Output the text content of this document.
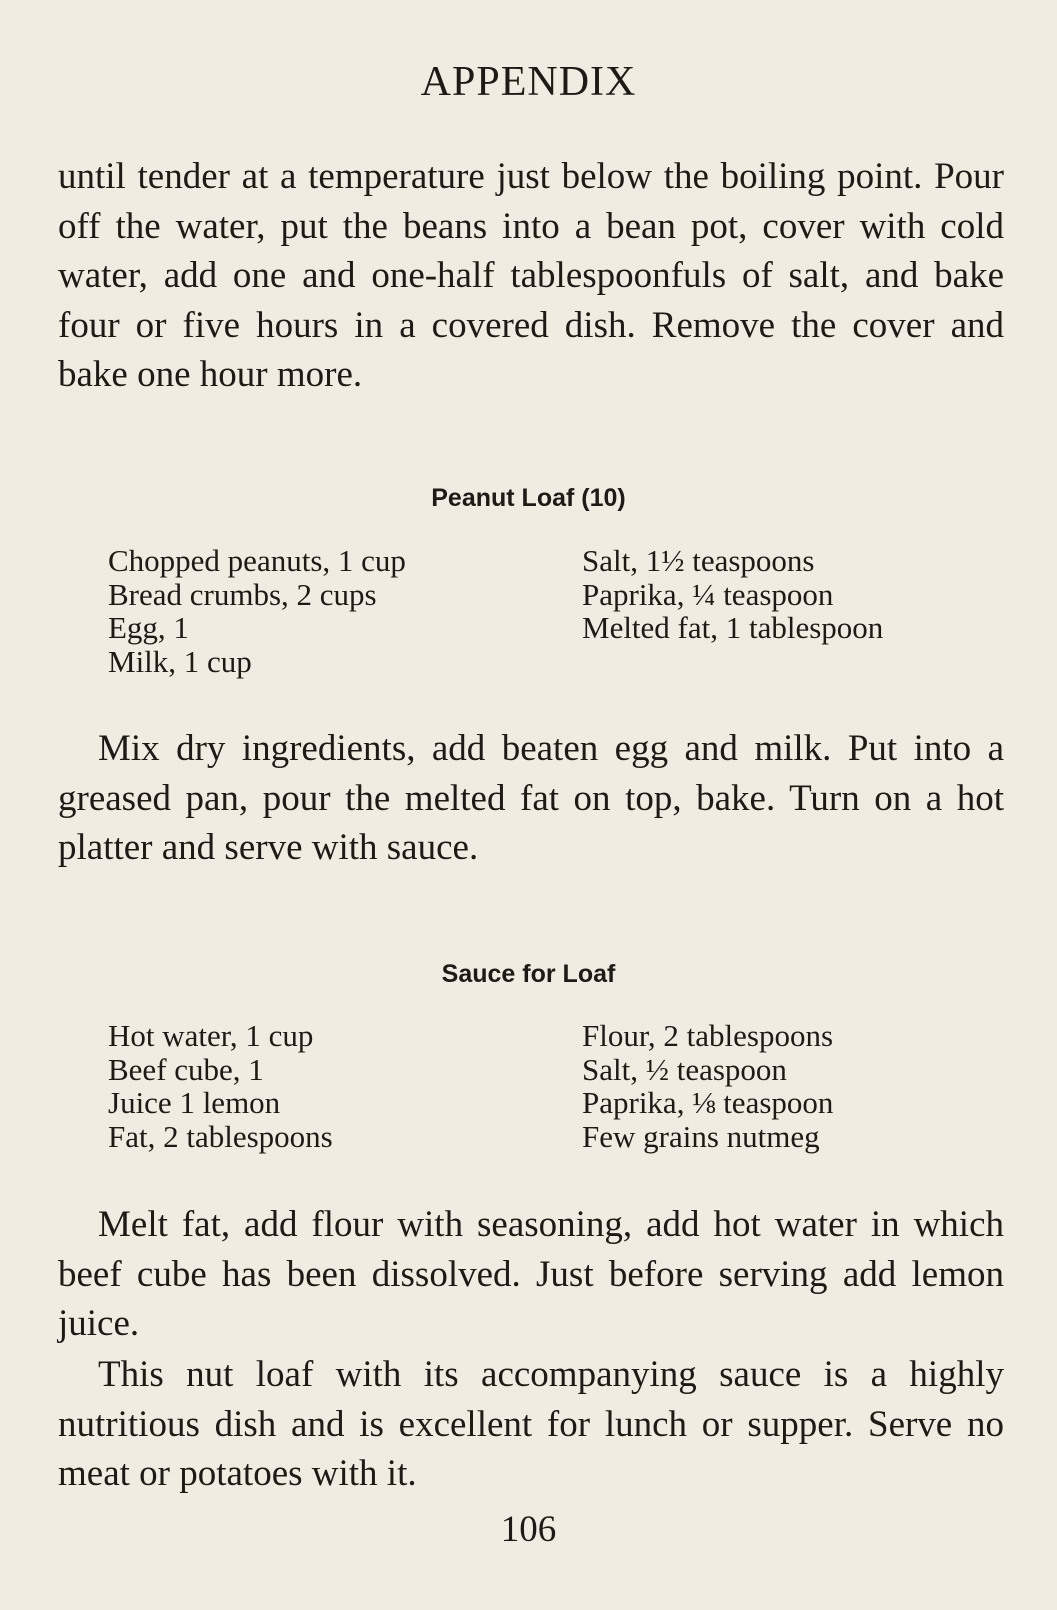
APPENDIX

until tender at a temperature just below the boiling point. Pour off the water, put the beans into a bean pot, cover with cold water, add one and one-half tablespoonfuls of salt, and bake four or five hours in a covered dish. Remove the cover and bake one hour more.

Peanut Loaf (10)
Chopped peanuts, 1 cup
Bread crumbs, 2 cups
Egg, 1
Milk, 1 cup
Salt, 1½ teaspoons
Paprika, ¼ teaspoon
Melted fat, 1 tablespoon

Mix dry ingredients, add beaten egg and milk. Put into a greased pan, pour the melted fat on top, bake. Turn on a hot platter and serve with sauce.

Sauce for Loaf
Hot water, 1 cup
Beef cube, 1
Juice 1 lemon
Fat, 2 tablespoons
Flour, 2 tablespoons
Salt, ½ teaspoon
Paprika, ⅛ teaspoon
Few grains nutmeg

Melt fat, add flour with seasoning, add hot water in which beef cube has been dissolved. Just before serving add lemon juice.

This nut loaf with its accompanying sauce is a highly nutritious dish and is excellent for lunch or supper. Serve no meat or potatoes with it.

106
